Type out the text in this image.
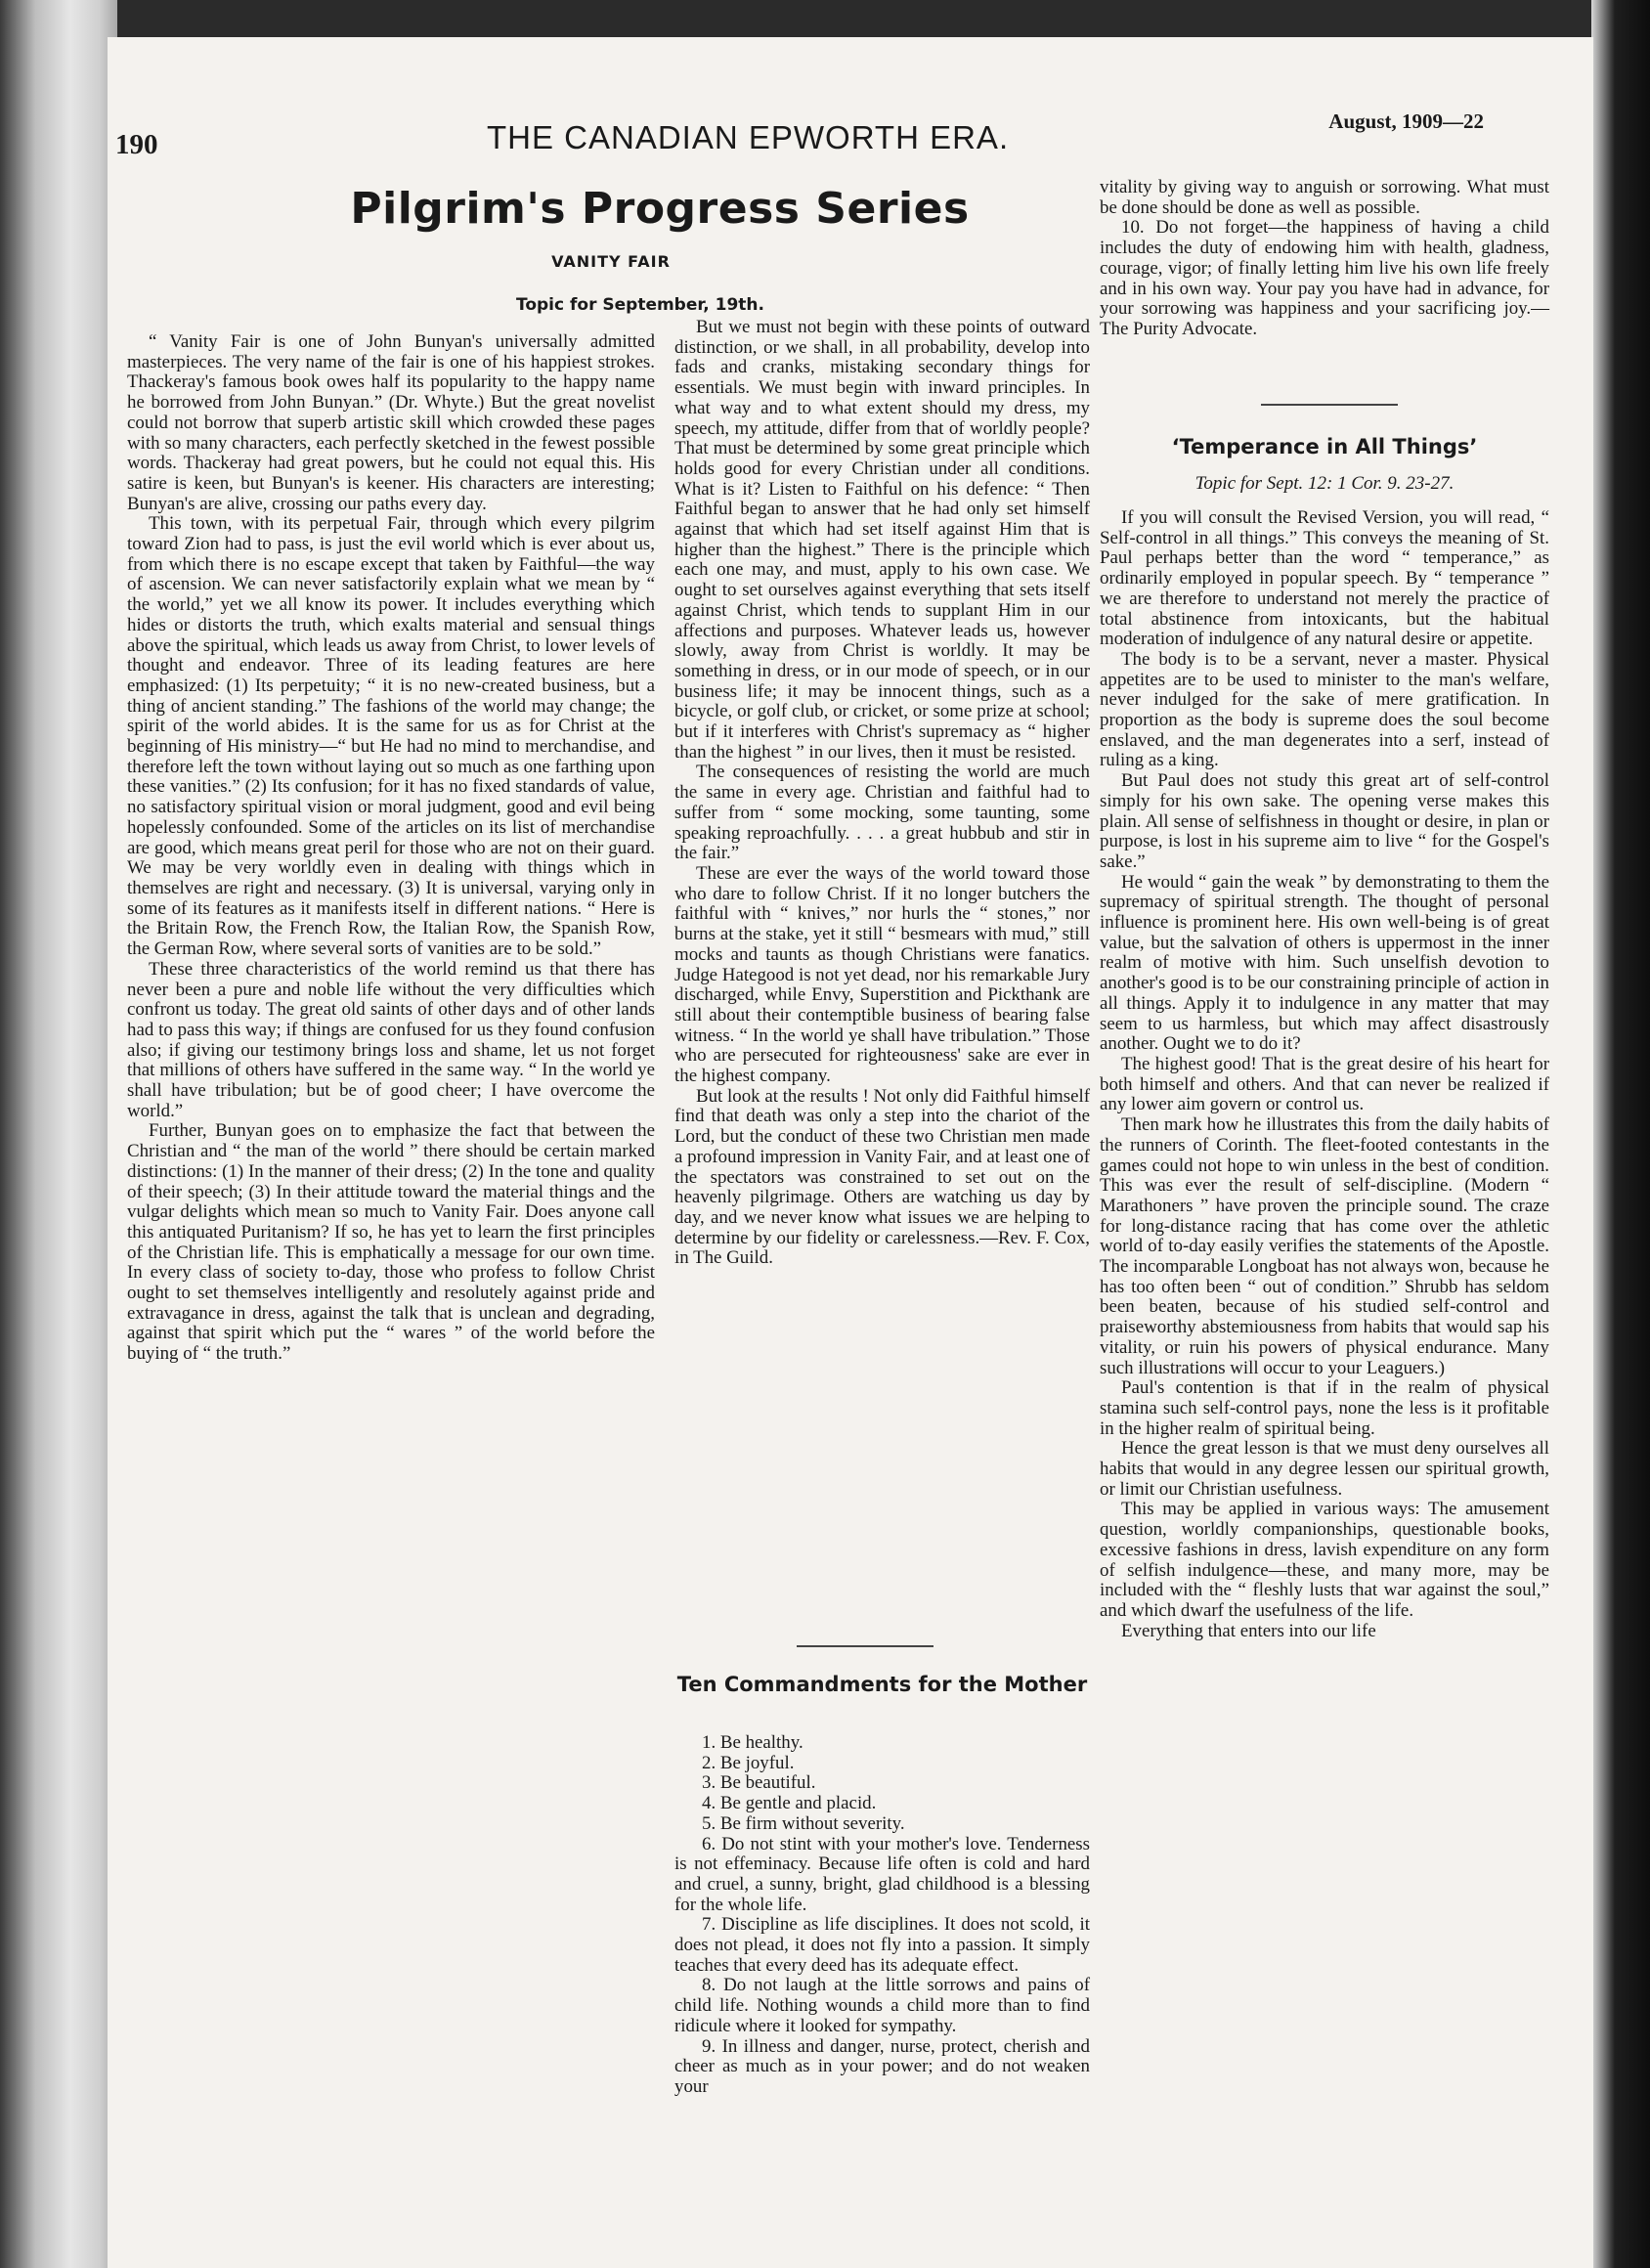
190	THE CANADIAN EPWORTH ERA.	August, 1909—22
Pilgrim's Progress Series
VANITY FAIR
Topic for September, 19th.

“ Vanity Fair is one of John Bunyan's universally admitted masterpieces. The very name of the fair is one of his happiest strokes. Thackeray's famous book owes half its popularity to the happy name he borrowed from John Bunyan.” (Dr. Whyte.) But the great novelist could not borrow that superb artistic skill which crowded these pages with so many characters, each perfectly sketched in the fewest possible words. Thackeray had great powers, but he could not equal this. His satire is keen, but Bunyan's is keener. His characters are interesting; Bunyan's are alive, crossing our paths every day.

This town, with its perpetual Fair, through which every pilgrim toward Zion had to pass, is just the evil world which is ever about us, from which there is no escape except that taken by Faithful—the way of ascension. We can never satisfactorily explain what we mean by “ the world,” yet we all know its power. It includes everything which hides or distorts the truth, which exalts material and sensual things above the spiritual, which leads us away from Christ, to lower levels of thought and endeavor. Three of its leading features are here emphasized: (1) Its perpetuity; “ it is no new-created business, but a thing of ancient standing.” The fashions of the world may change; the spirit of the world abides. It is the same for us as for Christ at the beginning of His ministry—“ but He had no mind to merchandise, and therefore left the town without laying out so much as one farthing upon these vanities.” (2) Its confusion; for it has no fixed standards of value, no satisfactory spiritual vision or moral judgment, good and evil being hopelessly confounded. Some of the articles on its list of merchandise are good, which means great peril for those who are not on their guard. We may be very worldly even in dealing with things which in themselves are right and necessary. (3) It is universal, varying only in some of its features as it manifests itself in different nations. “ Here is the Britain Row, the French Row, the Italian Row, the Spanish Row, the German Row, where several sorts of vanities are to be sold.”

These three characteristics of the world remind us that there has never been a pure and noble life without the very difficulties which confront us today. The great old saints of other days and of other lands had to pass this way; if things are confused for us they found confusion also; if giving our testimony brings loss and shame, let us not forget that millions of others have suffered in the same way. “ In the world ye shall have tribulation; but be of good cheer; I have overcome the world.”

Further, Bunyan goes on to emphasize the fact that between the Christian and “ the man of the world ” there should be certain marked distinctions: (1) In the manner of their dress; (2) In the tone and quality of their speech; (3) In their attitude toward the material things and the vulgar delights which mean so much to Vanity Fair. Does anyone call this antiquated Puritanism? If so, he has yet to learn the first principles of the Christian life. This is emphatically a message for our own time. In every class of society to-day, those who profess to follow Christ ought to set themselves intelligently and resolutely against pride and extravagance in dress, against the talk that is unclean and degrading, against that spirit which put the “ wares ” of the world before the buying of “ the truth.”

But we must not begin with these points of outward distinction, or we shall, in all probability, develop into fads and cranks, mistaking secondary things for essentials. We must begin with inward principles. In what way and to what extent should my dress, my speech, my attitude, differ from that of worldly people? That must be determined by some great principle which holds good for every Christian under all conditions. What is it? Listen to Faithful on his defence: “ Then Faithful began to answer that he had only set himself against that which had set itself against Him that is higher than the highest.” There is the principle which each one may, and must, apply to his own case. We ought to set ourselves against everything that sets itself against Christ, which tends to supplant Him in our affections and purposes. Whatever leads us, however slowly, away from Christ is worldly. It may be something in dress, or in our mode of speech, or in our business life; it may be innocent things, such as a bicycle, or golf club, or cricket, or some prize at school; but if it interferes with Christ's supremacy as “ higher than the highest ” in our lives, then it must be resisted.

The consequences of resisting the world are much the same in every age. Christian and faithful had to suffer from “ some mocking, some taunting, some speaking reproachfully. . . . a great hubbub and stir in the fair.”

These are ever the ways of the world toward those who dare to follow Christ. If it no longer butchers the faithful with “ knives,” nor hurls the “ stones,” nor burns at the stake, yet it still “ besmears with mud,” still mocks and taunts as though Christians were fanatics. Judge Hategood is not yet dead, nor his remarkable Jury discharged, while Envy, Superstition and Pickthank are still about their contemptible business of bearing false witness. “ In the world ye shall have tribulation.” Those who are persecuted for righteousness' sake are ever in the highest company.

But look at the results ! Not only did Faithful himself find that death was only a step into the chariot of the Lord, but the conduct of these two Christian men made a profound impression in Vanity Fair, and at least one of the spectators was constrained to set out on the heavenly pilgrimage. Others are watching us day by day, and we never know what issues we are helping to determine by our fidelity or carelessness.—Rev. F. Cox, in The Guild.

Ten Commandments for the Mother

1. Be healthy.

2. Be joyful.

3. Be beautiful.

4. Be gentle and placid.

5. Be firm without severity.

6. Do not stint with your mother's love. Tenderness is not effeminacy. Because life often is cold and hard and cruel, a sunny, bright, glad childhood is a blessing for the whole life.

7. Discipline as life disciplines. It does not scold, it does not plead, it does not fly into a passion. It simply teaches that every deed has its adequate effect.

8. Do not laugh at the little sorrows and pains of child life. Nothing wounds a child more than to find ridicule where it looked for sympathy.

9. In illness and danger, nurse, protect, cherish and cheer as much as in your power; and do not weaken your

vitality by giving way to anguish or sorrowing. What must be done should be done as well as possible.

10. Do not forget—the happiness of having a child includes the duty of endowing him with health, gladness, courage, vigor; of finally letting him live his own life freely and in his own way. Your pay you have had in advance, for your sorrowing was happiness and your sacrificing joy.—The Purity Advocate.

‘Temperance in All Things’
Topic for Sept. 12: 1 Cor. 9. 23-27.

If you will consult the Revised Version, you will read, “ Self-control in all things.” This conveys the meaning of St. Paul perhaps better than the word “ temperance,” as ordinarily employed in popular speech. By “ temperance ” we are therefore to understand not merely the practice of total abstinence from intoxicants, but the habitual moderation of indulgence of any natural desire or appetite.

The body is to be a servant, never a master. Physical appetites are to be used to minister to the man's welfare, never indulged for the sake of mere gratification. In proportion as the body is supreme does the soul become enslaved, and the man degenerates into a serf, instead of ruling as a king.

But Paul does not study this great art of self-control simply for his own sake. The opening verse makes this plain. All sense of selfishness in thought or desire, in plan or purpose, is lost in his supreme aim to live “ for the Gospel's sake.”

He would “ gain the weak ” by demonstrating to them the supremacy of spiritual strength. The thought of personal influence is prominent here. His own well-being is of great value, but the salvation of others is uppermost in the inner realm of motive with him. Such unselfish devotion to another's good is to be our constraining principle of action in all things. Apply it to indulgence in any matter that may seem to us harmless, but which may affect disastrously another. Ought we to do it?

The highest good! That is the great desire of his heart for both himself and others. And that can never be realized if any lower aim govern or control us.

Then mark how he illustrates this from the daily habits of the runners of Corinth. The fleet-footed contestants in the games could not hope to win unless in the best of condition. This was ever the result of self-discipline. (Modern “ Marathoners ” have proven the principle sound. The craze for long-distance racing that has come over the athletic world of to-day easily verifies the statements of the Apostle. The incomparable Longboat has not always won, because he has too often been “ out of condition.” Shrubb has seldom been beaten, because of his studied self-control and praiseworthy abstemiousness from habits that would sap his vitality, or ruin his powers of physical endurance. Many such illustrations will occur to your Leaguers.)

Paul's contention is that if in the realm of physical stamina such self-control pays, none the less is it profitable in the higher realm of spiritual being.

Hence the great lesson is that we must deny ourselves all habits that would in any degree lessen our spiritual growth, or limit our Christian usefulness.

This may be applied in various ways: The amusement question, worldly companionships, questionable books, excessive fashions in dress, lavish expenditure on any form of selfish indulgence—these, and many more, may be included with the “ fleshly lusts that war against the soul,” and which dwarf the usefulness of the life.

Everything that enters into our life
